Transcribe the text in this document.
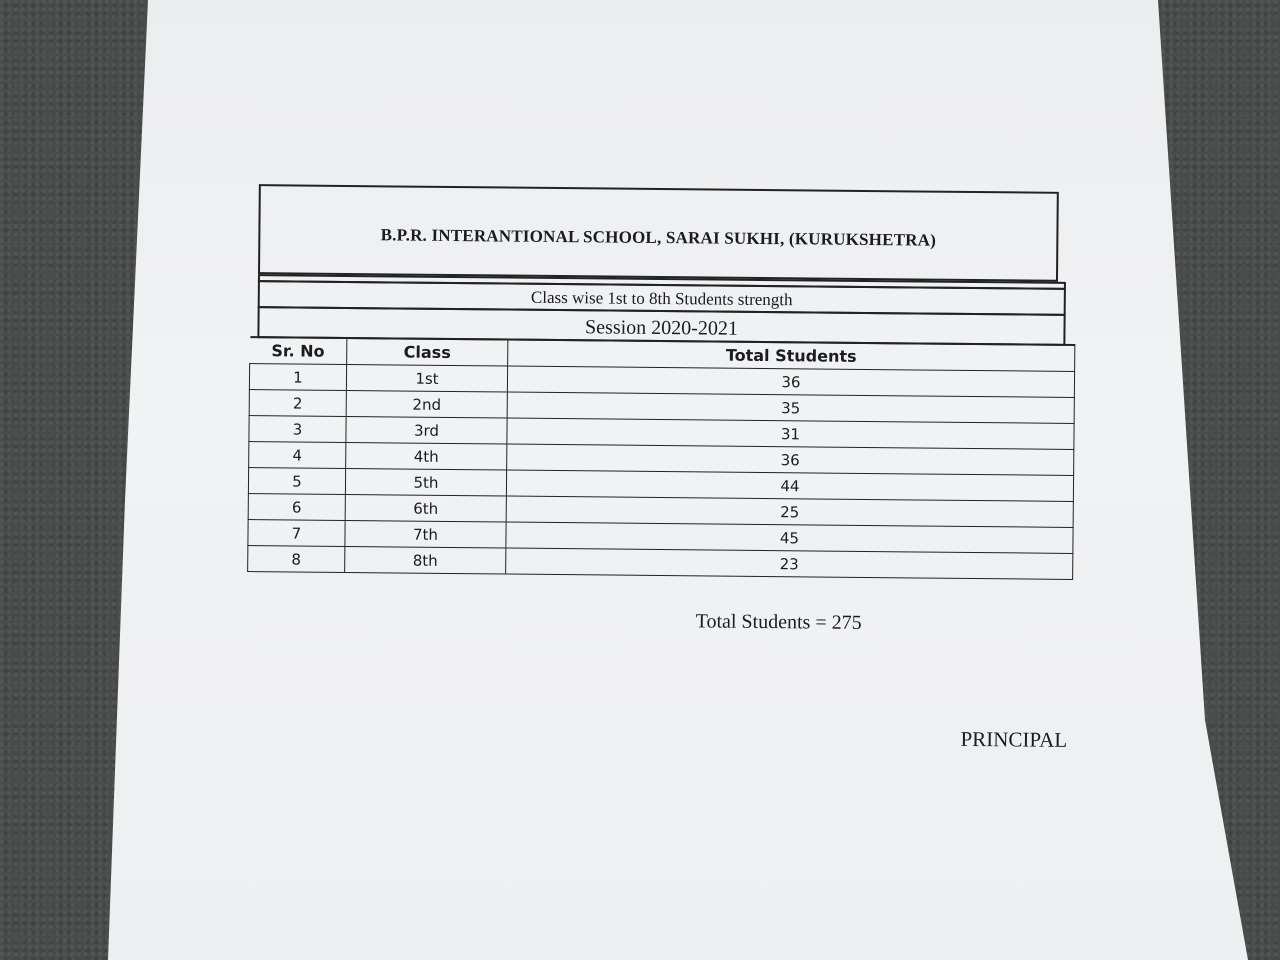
B.P.R. INTERANTIONAL SCHOOL, SARAI SUKHI, (KURUKSHETRA)
Class wise 1st to 8th Students strength
Session 2020-2021
Sr. No	Class	Total Students
1	1st	36
2	2nd	35
3	3rd	31
4	4th	36
5	5th	44
6	6th	25
7	7th	45
8	8th	23
Total Students = 275
PRINCIPAL
